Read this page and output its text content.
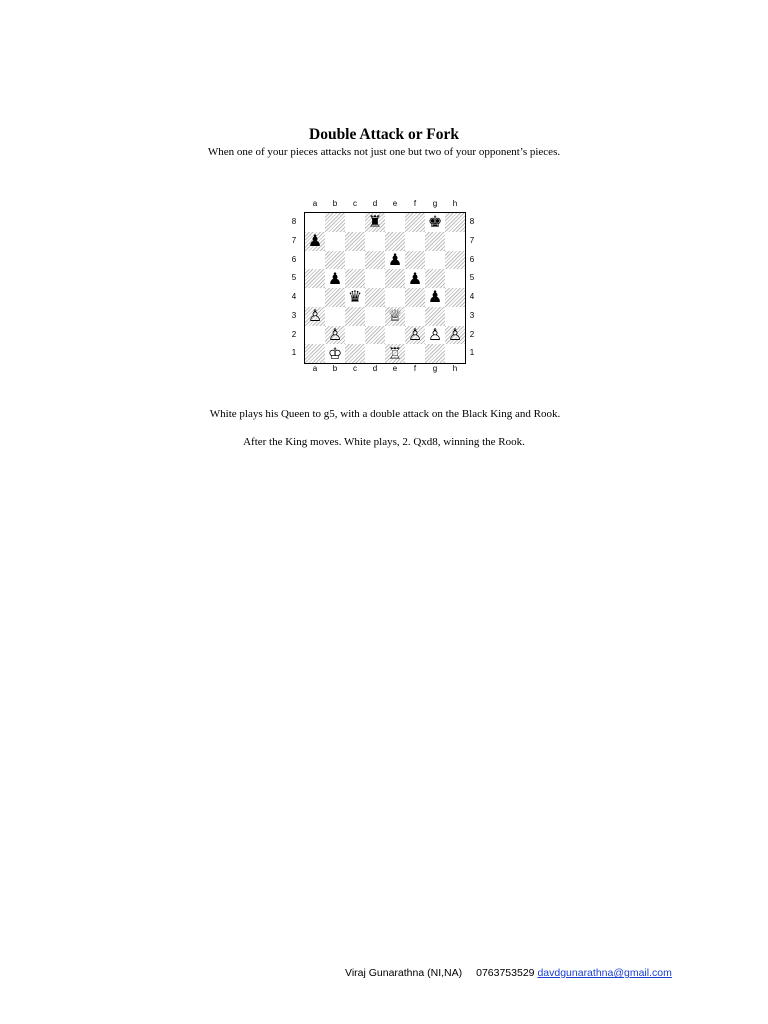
Double Attack or Fork

When one of your pieces attacks not just one but two of your opponent’s pieces.

a	b	c	d	e	f	g	h
8
7
6
5
4
3
2
1
♜	♚
♟
♟
♟	♟
♛	♟
♙	♕
♙	♙ ♙ ♙
♔	♖
8
7
6
5
4
3
2
1
a	b	c	d	e	f	g	h

White plays his Queen to g5, with a double attack on the Black King and Rook.

After the King moves. White plays, 2. Qxd8, winning the Rook.

Viraj Gunarathna (NI,NA) 0763753529 davdgunarathna@gmail.com
